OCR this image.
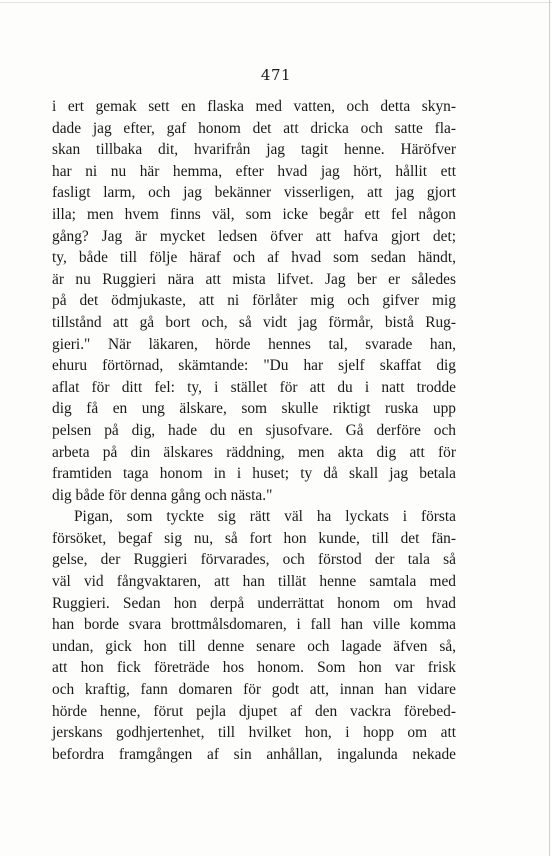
471
i ert gemak sett en flaska med vatten, och detta skyn-
dade jag efter, gaf honom det att dricka och satte fla-
skan tillbaka dit, hvarifrån jag tagit henne. Häröfver
har ni nu här hemma, efter hvad jag hört, hållit ett
fasligt larm, och jag bekänner visserligen, att jag gjort
illa; men hvem finns väl, som icke begår ett fel någon
gång? Jag är mycket ledsen öfver att hafva gjort det;
ty, både till följe häraf och af hvad som sedan händt,
är nu Ruggieri nära att mista lifvet. Jag ber er således
på det ödmjukaste, att ni förlåter mig och gifver mig
tillstånd att gå bort och, så vidt jag förmår, bistå Rug-
gieri." När läkaren, hörde hennes tal, svarade han,
ehuru förtörnad, skämtande: "Du har sjelf skaffat dig
aflat för ditt fel: ty, i stället för att du i natt trodde
dig få en ung älskare, som skulle riktigt ruska upp
pelsen på dig, hade du en sjusofvare. Gå derföre och
arbeta på din älskares räddning, men akta dig att för
framtiden taga honom in i huset; ty då skall jag betala
dig både för denna gång och nästa."
Pigan, som tyckte sig rätt väl ha lyckats i första
försöket, begaf sig nu, så fort hon kunde, till det fän-
gelse, der Ruggieri förvarades, och förstod der tala så
väl vid fångvaktaren, att han tillät henne samtala med
Ruggieri. Sedan hon derpå underrättat honom om hvad
han borde svara brottmålsdomaren, i fall han ville komma
undan, gick hon till denne senare och lagade äfven så,
att hon fick företräde hos honom. Som hon var frisk
och kraftig, fann domaren för godt att, innan han vidare
hörde henne, förut pejla djupet af den vackra förebed-
jerskans godhjertenhet, till hvilket hon, i hopp om att
befordra framgången af sin anhållan, ingalunda nekade
